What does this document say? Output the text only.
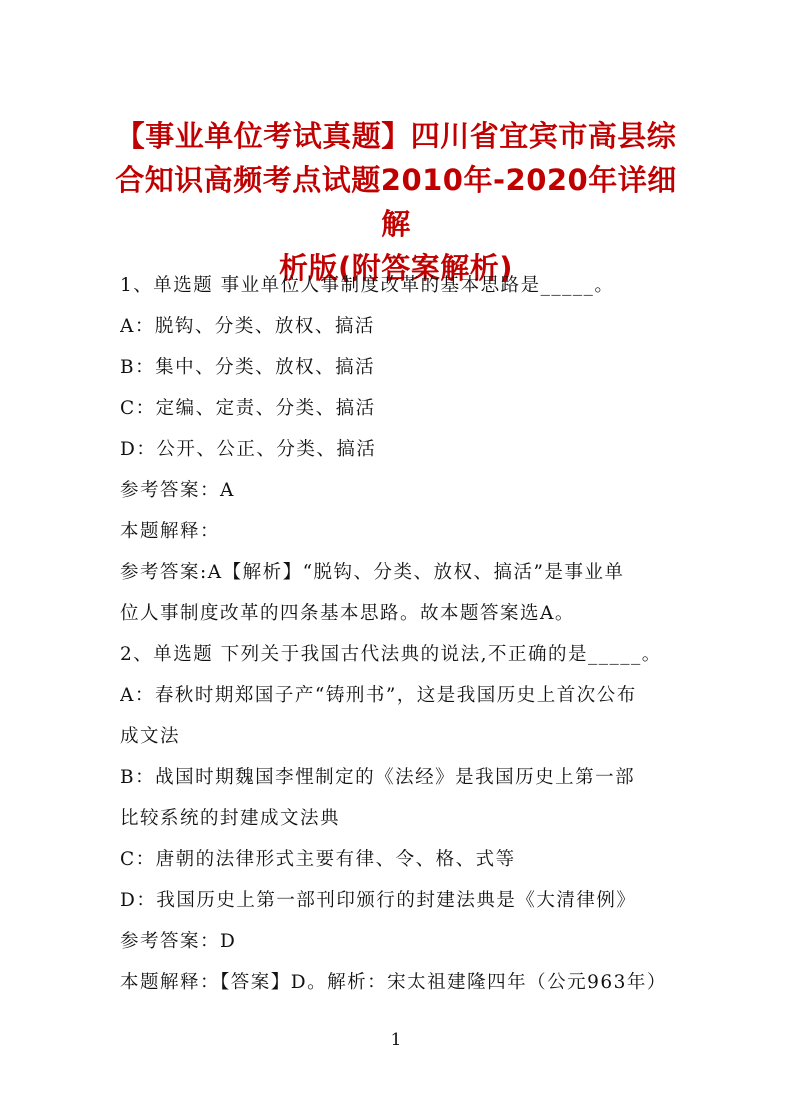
【事业单位考试真题】四川省宜宾市高县综
合知识高频考点试题2010年-2020年详细解
析版(附答案解析)
1、单选题 事业单位人事制度改革的基本思路是_____。
A：脱钩、分类、放权、搞活
B：集中、分类、放权、搞活
C：定编、定责、分类、搞活
D：公开、公正、分类、搞活
参考答案：A
本题解释：
参考答案:A【解析】“脱钩、分类、放权、搞活”是事业单
位人事制度改革的四条基本思路。故本题答案选A。
2、单选题 下列关于我国古代法典的说法,不正确的是_____。
A：春秋时期郑国子产“铸刑书”，这是我国历史上首次公布
成文法
B：战国时期魏国李悝制定的《法经》是我国历史上第一部
比较系统的封建成文法典
C：唐朝的法律形式主要有律、令、格、式等
D：我国历史上第一部刊印颁行的封建法典是《大清律例》
参考答案：D
本题解释：【答案】D。解析：宋太祖建隆四年（公元963年）
1
